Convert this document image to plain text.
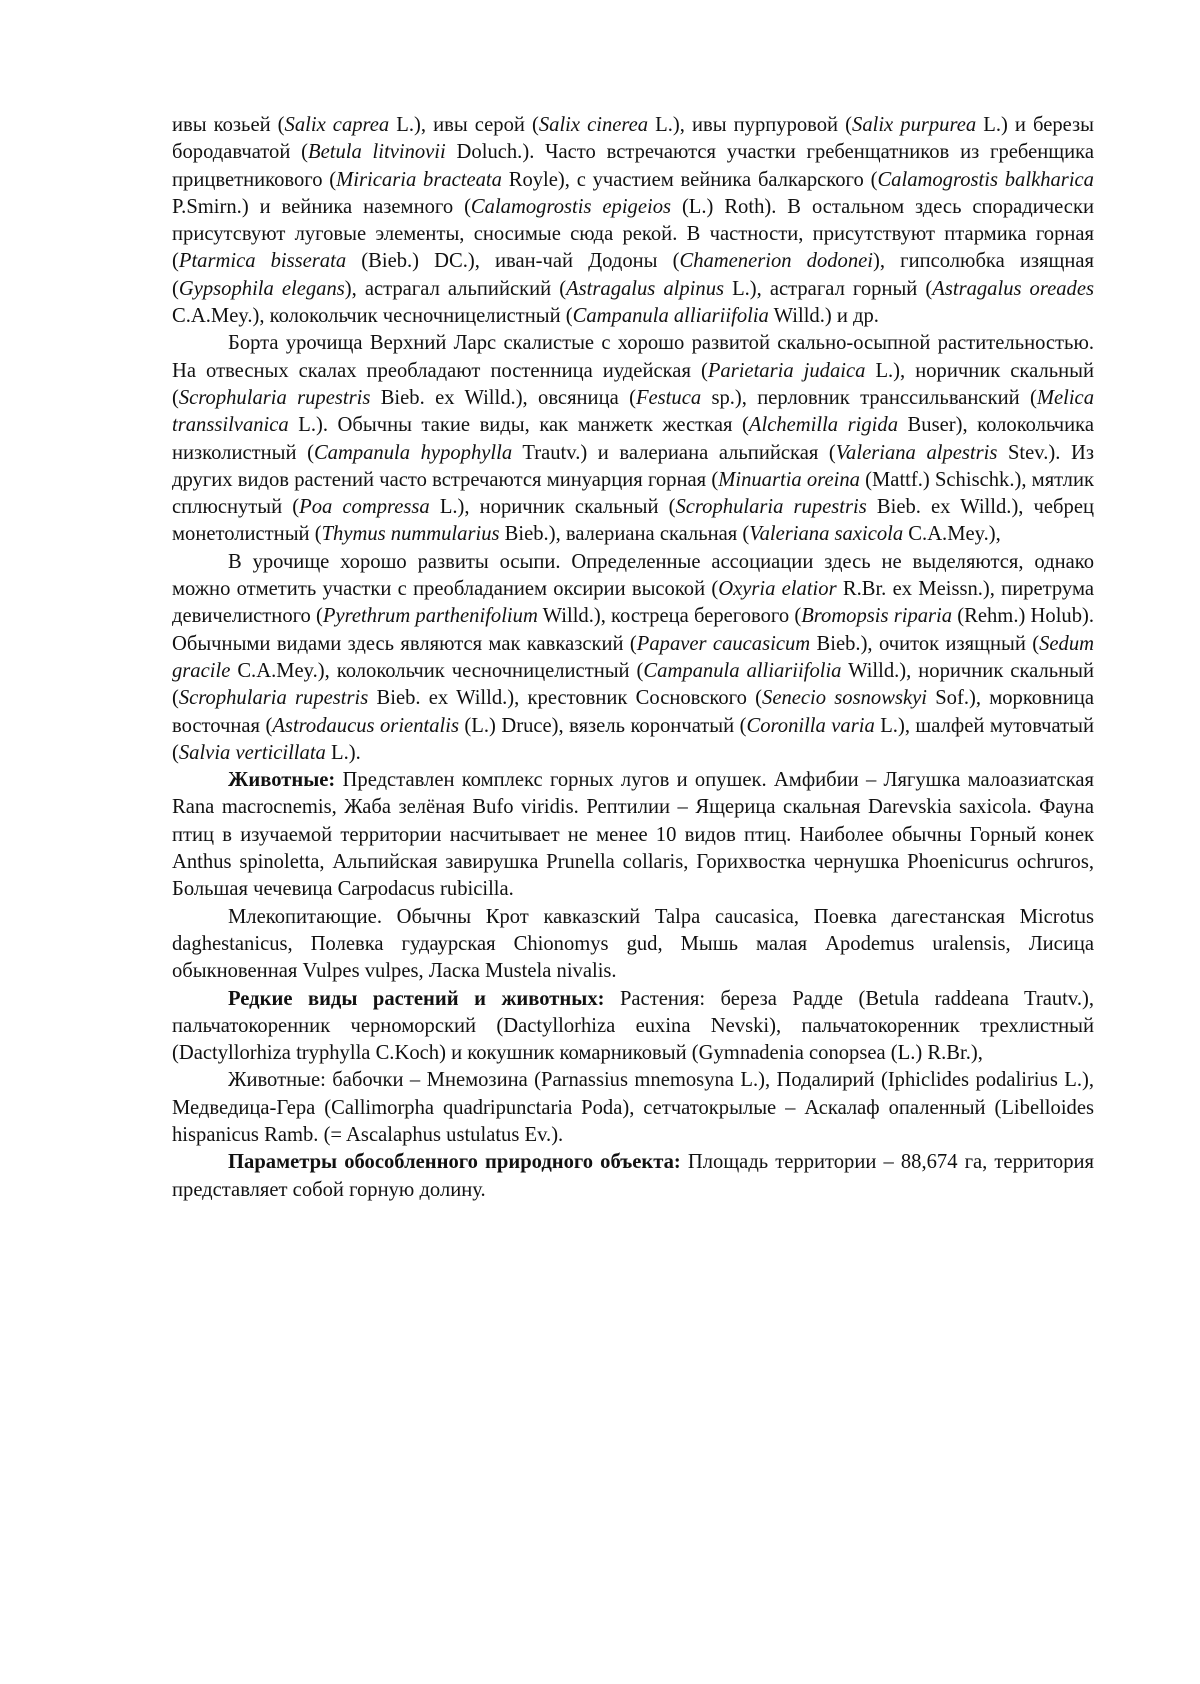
ивы козьей (Salix caprea L.), ивы серой (Salix cinerea L.), ивы пурпуровой (Salix purpurea L.) и березы бородавчатой (Betula litvinovii Doluch.). Часто встречаются участки гребенщатников из гребенщика прицветникового (Miricaria bracteata Royle), с участием вейника балкарского (Calamogrostis balkharica P.Smirn.) и вейника наземного (Calamogrostis epigeios (L.) Roth). В остальном здесь спорадически присутсвуют луговые элементы, сносимые сюда рекой. В частности, присутствуют птармика горная (Ptarmica bisserata (Bieb.) DC.), иван-чай Додоны (Chamenerion dodonei), гипсолюбка изящная (Gypsophila elegans), астрагал альпийский (Astragalus alpinus L.), астрагал горный (Astragalus oreades C.A.Mey.), колокольчик чесночницелистный (Campanula alliariifolia Willd.) и др.

Борта урочища Верхний Ларс скалистые с хорошо развитой скально-осыпной растительностью. На отвесных скалах преобладают постенница иудейская (Parietaria judaica L.), норичник скальный (Scrophularia rupestris Bieb. ex Willd.), овсяница (Festuca sp.), перловник трансcильванский (Melica transsilvanica L.). Обычны такие виды, как манжетк жесткая (Alchemilla rigida Buser), колокольчика низколистный (Campanula hypophylla Trautv.) и валериана альпийская (Valeriana alpestris Stev.). Из других видов растений часто встречаются минуарция горная (Minuartia oreina (Mattf.) Schischk.), мятлик сплюснутый (Poa compressa L.), норичник скальный (Scrophularia rupestris Bieb. ex Willd.), чебрец монетолистный (Thymus nummularius Bieb.), валериана скальная (Valeriana saxicola C.A.Mey.),

В урочище хорошо развиты осыпи. Определенные ассоциации здесь не выделяются, однако можно отметить участки с преобладанием оксирии высокой (Oxyria elatior R.Br. ex Meissn.), пиретрума девичелистного (Pyrethrum parthenifolium Willd.), костреца берегового (Bromopsis riparia (Rehm.) Holub). Обычными видами здесь являются мак кавказский (Papaver caucasicum Bieb.), очиток изящный (Sedum gracile C.A.Mey.), колокольчик чесночницелистный (Campanula alliariifolia Willd.), норичник скальный (Scrophularia rupestris Bieb. ex Willd.), крестовник Сосновского (Senecio sosnowskyi Sof.), морковница восточная (Astrodaucus orientalis (L.) Druce), вязель корончатый (Coronilla varia L.), шалфей мутовчатый (Salvia verticillata L.).

Животные: Представлен комплекс горных лугов и опушек. Амфибии – Лягушка малоазиатская Rana macrocnemis, Жаба зелёная Bufo viridis. Рептилии – Ящерица скальная Darevskia saxicola. Фауна птиц в изучаемой территории насчитывает не менее 10 видов птиц. Наиболее обычны Горный конек Anthus spinoletta, Альпийская завирушка Prunella collaris, Горихвостка чернушка Phoenicurus ochruros, Большая чечевица Carpodacus rubicilla.

Млекопитающие. Обычны Крот кавказский Talpa caucasica, Поевка дагестанская Microtus daghestanicus, Полевка гудаурская Chionomys gud, Мышь малая Apodemus uralensis, Лисица обыкновенная Vulpes vulpes, Ласка Mustela nivalis.

Редкие виды растений и животных: Растения: береза Радде (Betula raddeana Trautv.), пальчатокоренник черноморский (Dactyllorhiza euxina Nevski), пальчатокоренник трехлистный (Dactyllorhiza tryphylla C.Koch) и кокушник комарниковый (Gymnadenia conopsea (L.) R.Br.),

Животные: бабочки – Мнемозина (Parnassius mnemosyna L.), Подалирий (Iphiclides podalirius L.), Медведица-Гера (Callimorpha quadripunctaria Poda), сетчатокрылые – Аскалаф опаленный (Libelloides hispanicus Ramb. (= Ascalaphus ustulatus Ev.).

Параметры обособленного природного объекта: Площадь территории – 88,674 га, территория представляет собой горную долину.
